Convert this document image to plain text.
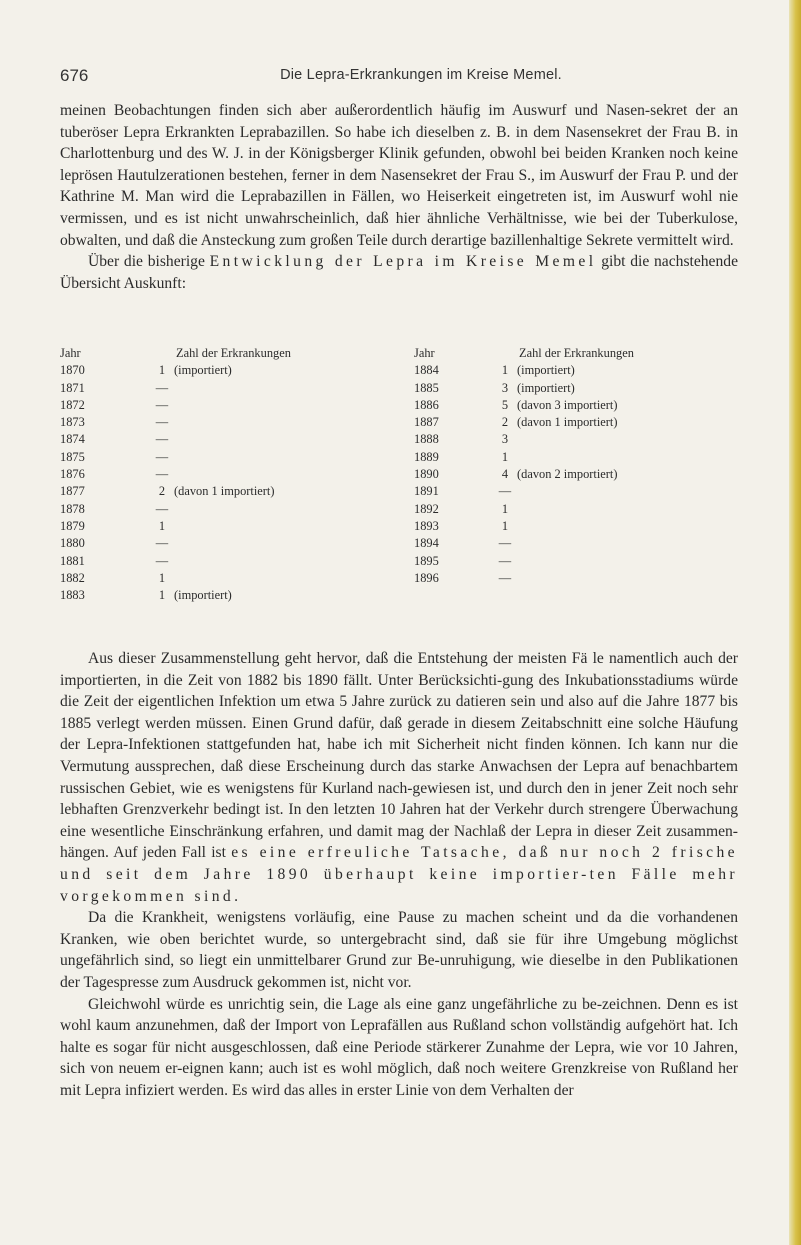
676	Die Lepra-Erkrankungen im Kreise Memel.

meinen Beobachtungen finden sich aber außerordentlich häufig im Auswurf und Nasen-sekret der an tuberöser Lepra Erkrankten Leprabazillen. So habe ich dieselben z. B. in dem Nasensekret der Frau B. in Charlottenburg und des W. J. in der Königsberger Klinik gefunden, obwohl bei beiden Kranken noch keine leprösen Hautulzerationen bestehen, ferner in dem Nasensekret der Frau S., im Auswurf der Frau P. und der Kathrine M. Man wird die Leprabazillen in Fällen, wo Heiserkeit eingetreten ist, im Auswurf wohl nie vermissen, und es ist nicht unwahrscheinlich, daß hier ähnliche Verhältnisse, wie bei der Tuberkulose, obwalten, und daß die Ansteckung zum großen Teile durch derartige bazillenhaltige Sekrete vermittelt wird.

Über die bisherige Entwicklung der Lepra im Kreise Memel gibt die nachstehende Übersicht Auskunft:

Jahr	Zahl der Erkrankungen
1870	1 (importiert)
1871	—
1872	—
1873	—
1874	—
1875	—
1876	—
1877	2 (davon 1 importiert)
1878	—
1879	1
1880	—
1881	—
1882	1
1883	1 (importiert)
Jahr	Zahl der Erkrankungen
1884	1 (importiert)
1885	3 (importiert)
1886	5 (davon 3 importiert)
1887	2 (davon 1 importiert)
1888	3
1889	1
1890	4 (davon 2 importiert)
1891	—
1892	1
1893	1
1894	—
1895	—
1896	—

Aus dieser Zusammenstellung geht hervor, daß die Entstehung der meisten Fä le namentlich auch der importierten, in die Zeit von 1882 bis 1890 fällt. Unter Berücksichti-gung des Inkubationsstadiums würde die Zeit der eigentlichen Infektion um etwa 5 Jahre zurück zu datieren sein und also auf die Jahre 1877 bis 1885 verlegt werden müssen. Einen Grund dafür, daß gerade in diesem Zeitabschnitt eine solche Häufung der Lepra-Infektionen stattgefunden hat, habe ich mit Sicherheit nicht finden können. Ich kann nur die Vermutung aussprechen, daß diese Erscheinung durch das starke Anwachsen der Lepra auf benachbartem russischen Gebiet, wie es wenigstens für Kurland nach-gewiesen ist, und durch den in jener Zeit noch sehr lebhaften Grenzverkehr bedingt ist. In den letzten 10 Jahren hat der Verkehr durch strengere Überwachung eine wesentliche Einschränkung erfahren, und damit mag der Nachlaß der Lepra in dieser Zeit zusammen-hängen. Auf jeden Fall ist es eine erfreuliche Tatsache, daß nur noch 2 frische und seit dem Jahre 1890 überhaupt keine importier-ten Fälle mehr vorgekommen sind.

Da die Krankheit, wenigstens vorläufig, eine Pause zu machen scheint und da die vorhandenen Kranken, wie oben berichtet wurde, so untergebracht sind, daß sie für ihre Umgebung möglichst ungefährlich sind, so liegt ein unmittelbarer Grund zur Be-unruhigung, wie dieselbe in den Publikationen der Tagespresse zum Ausdruck gekommen ist, nicht vor.

Gleichwohl würde es unrichtig sein, die Lage als eine ganz ungefährliche zu be-zeichnen. Denn es ist wohl kaum anzunehmen, daß der Import von Leprafällen aus Rußland schon vollständig aufgehört hat. Ich halte es sogar für nicht ausgeschlossen, daß eine Periode stärkerer Zunahme der Lepra, wie vor 10 Jahren, sich von neuem er-eignen kann; auch ist es wohl möglich, daß noch weitere Grenzkreise von Rußland her mit Lepra infiziert werden. Es wird das alles in erster Linie von dem Verhalten der
